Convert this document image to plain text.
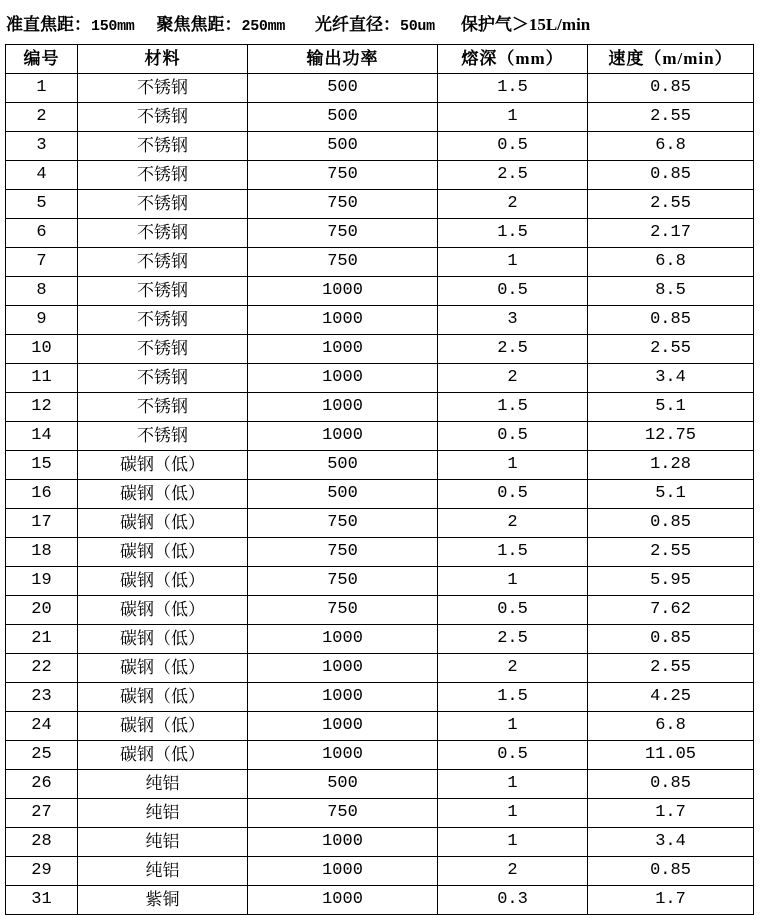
准直焦距： 150mm 聚焦焦距： 250mm 光纤直径： 50um 保护气＞15L/min
编号	材料	输出功率	熔深（mm）	速度（m/min）
1	不锈钢	500	1.5	0.85
2	不锈钢	500	1	2.55
3	不锈钢	500	0.5	6.8
4	不锈钢	750	2.5	0.85
5	不锈钢	750	2	2.55
6	不锈钢	750	1.5	2.17
7	不锈钢	750	1	6.8
8	不锈钢	1000	0.5	8.5
9	不锈钢	1000	3	0.85
10	不锈钢	1000	2.5	2.55
11	不锈钢	1000	2	3.4
12	不锈钢	1000	1.5	5.1
14	不锈钢	1000	0.5	12.75
15	碳钢（低）	500	1	1.28
16	碳钢（低）	500	0.5	5.1
17	碳钢（低）	750	2	0.85
18	碳钢（低）	750	1.5	2.55
19	碳钢（低）	750	1	5.95
20	碳钢（低）	750	0.5	7.62
21	碳钢（低）	1000	2.5	0.85
22	碳钢（低）	1000	2	2.55
23	碳钢（低）	1000	1.5	4.25
24	碳钢（低）	1000	1	6.8
25	碳钢（低）	1000	0.5	11.05
26	纯铝	500	1	0.85
27	纯铝	750	1	1.7
28	纯铝	1000	1	3.4
29	纯铝	1000	2	0.85
31	紫铜	1000	0.3	1.7
